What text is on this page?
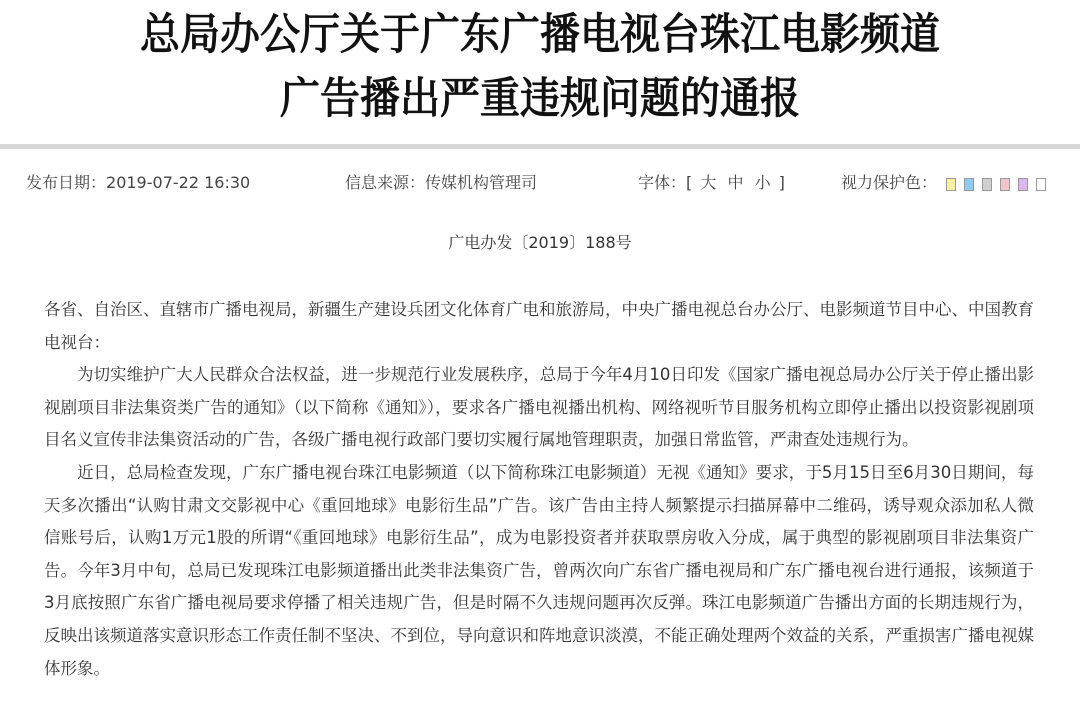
总局办公厅关于广东广播电视台珠江电影频道
广告播出严重违规问题的通报
发布日期：2019-07-22 16:30	信息来源：传媒机构管理司	字体：[ 大 中 小 ]	视力保护色：
广电办发〔2019〕188号

各省、自治区、直辖市广播电视局，新疆生产建设兵团文化体育广电和旅游局，中央广播电视总台办公厅、电影频道节目中心、中国教育电视台：

为切实维护广大人民群众合法权益，进一步规范行业发展秩序，总局于今年4月10日印发《国家广播电视总局办公厅关于停止播出影视剧项目非法集资类广告的通知》（以下简称《通知》），要求各广播电视播出机构、网络视听节目服务机构立即停止播出以投资影视剧项目名义宣传非法集资活动的广告，各级广播电视行政部门要切实履行属地管理职责，加强日常监管，严肃查处违规行为。

近日，总局检查发现，广东广播电视台珠江电影频道（以下简称珠江电影频道）无视《通知》要求，于5月15日至6月30日期间，每天多次播出“认购甘肃文交影视中心《重回地球》电影衍生品”广告。该广告由主持人频繁提示扫描屏幕中二维码，诱导观众添加私人微信账号后，认购1万元1股的所谓“《重回地球》电影衍生品”，成为电影投资者并获取票房收入分成，属于典型的影视剧项目非法集资广告。今年3月中旬，总局已发现珠江电影频道播出此类非法集资广告，曾两次向广东省广播电视局和广东广播电视台进行通报，该频道于3月底按照广东省广播电视局要求停播了相关违规广告，但是时隔不久违规问题再次反弹。珠江电影频道广告播出方面的长期违规行为，反映出该频道落实意识形态工作责任制不坚决、不到位，导向意识和阵地意识淡漠，不能正确处理两个效益的关系，严重损害广播电视媒体形象。
